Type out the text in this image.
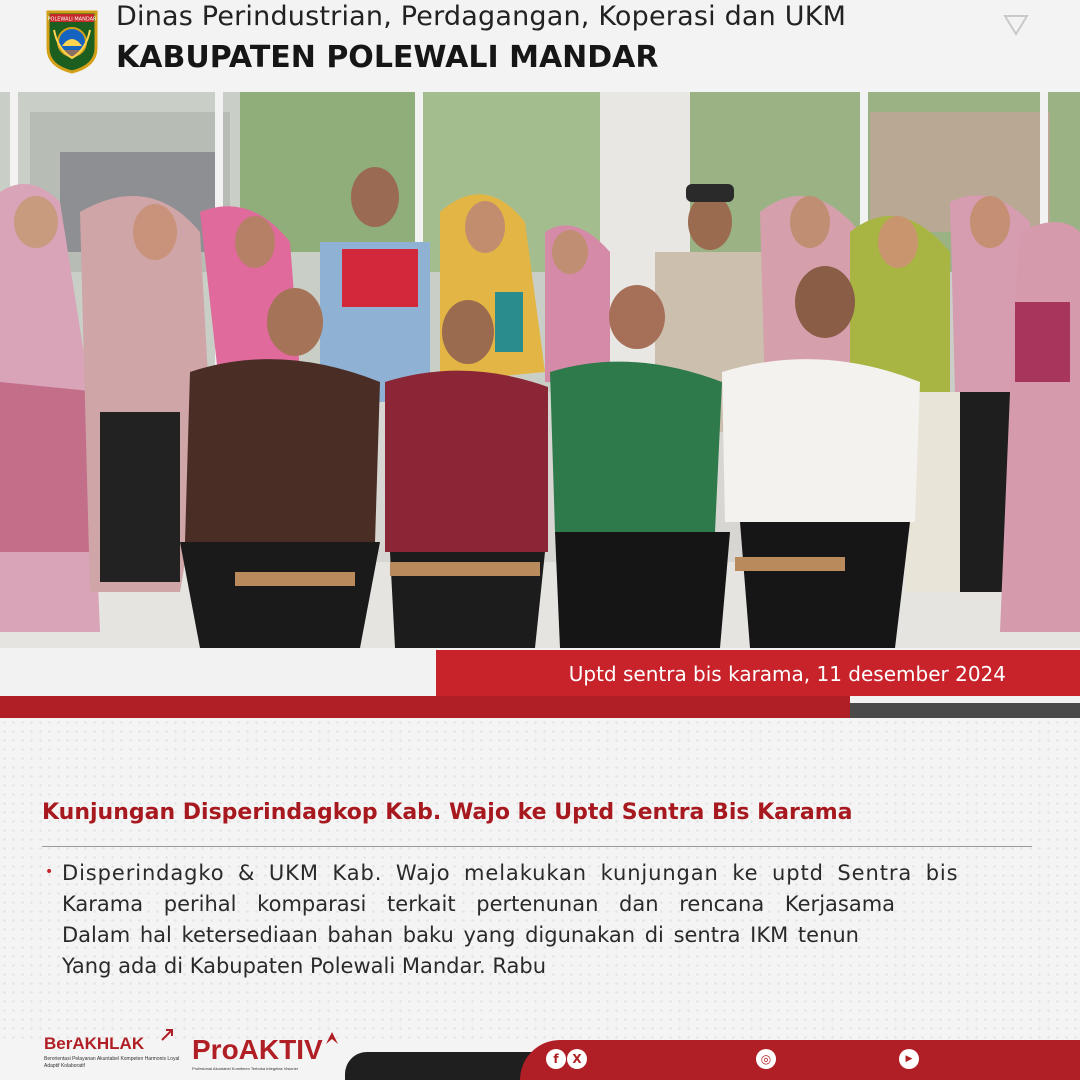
POLEWALI MANDAR Dinas Perindustrian, Perdagangan, Koperasi dan UKM
KABUPATEN POLEWALI MANDAR
Uptd sentra bis karama, 11 desember 2024
Kunjungan Disperindagkop Kab. Wajo ke Uptd Sentra Bis Karama
• Disperindagko & UKM Kab. Wajo melakukan kunjungan ke uptd Sentra bis
Karama perihal komparasi terkait pertenunan dan rencana Kerjasama
Dalam hal ketersediaan bahan baku yang digunakan di sentra IKM tenun
Yang ada di Kabupaten Polewali Mandar. Rabu
BerAKHLAK
Berorientasi Pelayanan Akuntabel Kompeten Harmonis Loyal Adaptif Kolaboratif
ProAKTIV
Profesional Akuntabel Komitmen Terbuka Integritas Visioner
f	X	◎	▶
